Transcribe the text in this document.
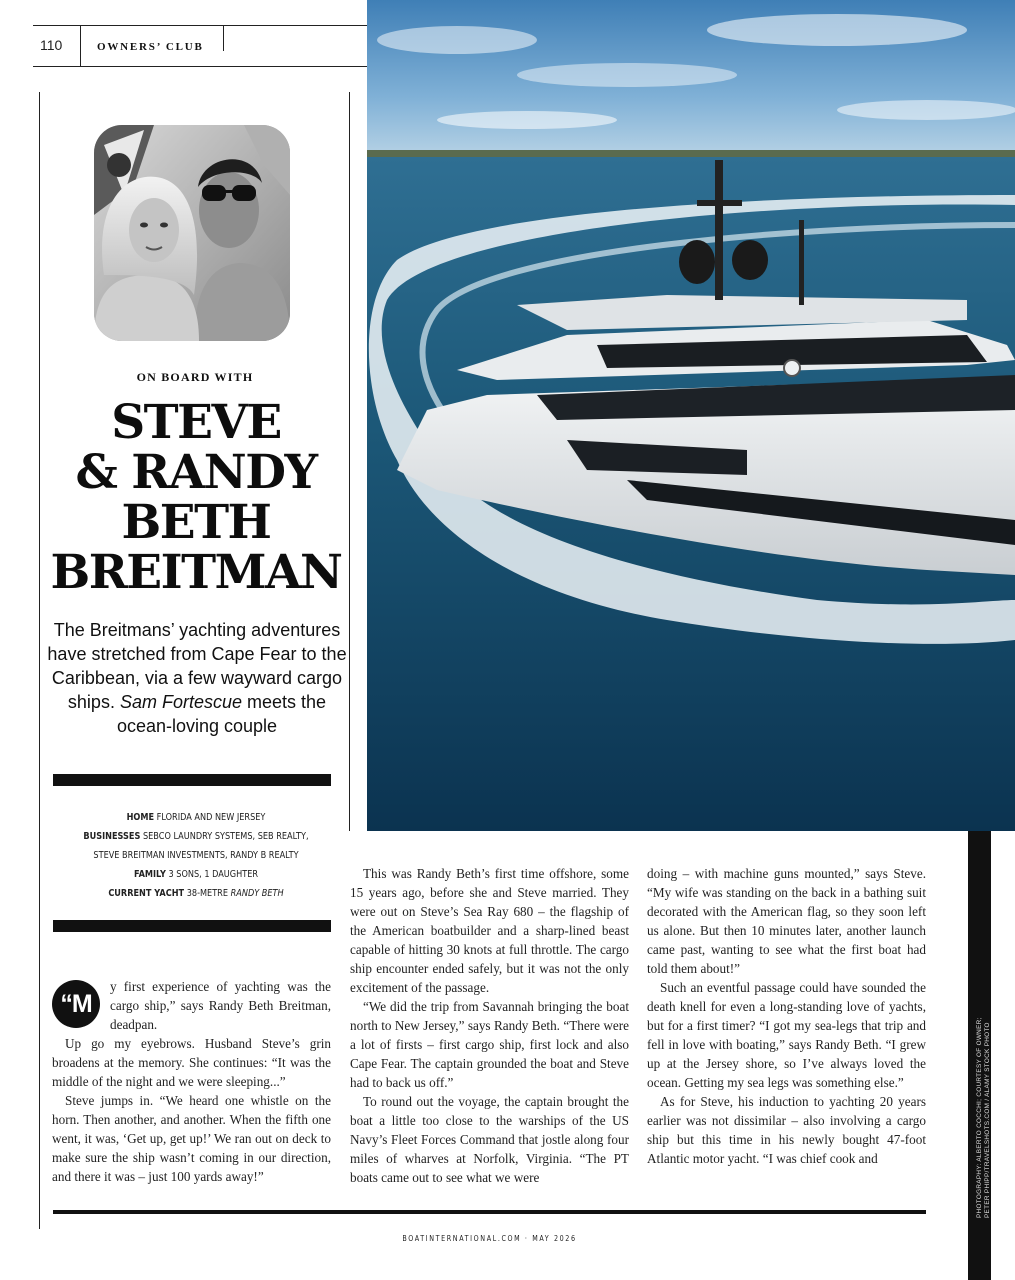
110	OWNERS’ CLUB
ON BOARD WITH
STEVE
& RANDY
BETH
BREITMAN
The Breitmans’ yachting adventures have stretched from Cape Fear to the Caribbean, via a few wayward cargo ships. Sam Fortescue meets the ocean-loving couple
HOME FLORIDA AND NEW JERSEY
BUSINESSES SEBCO LAUNDRY SYSTEMS, SEB REALTY, STEVE BREITMAN INVESTMENTS, RANDY B REALTY
FAMILY 3 SONS, 1 DAUGHTER
CURRENT YACHT 38-METRE RANDY BETH
“M

y first experience of yachting was the cargo ship,” says Randy Beth Breitman, deadpan.

Up go my eyebrows. Husband Steve’s grin broadens at the memory. She continues: “It was the middle of the night and we were sleeping...”

Steve jumps in. “We heard one whistle on the horn. Then another, and another. When the fifth one went, it was, ‘Get up, get up!’ We ran out on deck to make sure the ship wasn’t coming in our direction, and there it was – just 100 yards away!”

This was Randy Beth’s first time offshore, some 15 years ago, before she and Steve married. They were out on Steve’s Sea Ray 680 – the flagship of the American boatbuilder and a sharp-lined beast capable of hitting 30 knots at full throttle. The cargo ship encounter ended safely, but it was not the only excitement of the passage.

“We did the trip from Savannah bringing the boat north to New Jersey,” says Randy Beth. “There were a lot of firsts – first cargo ship, first lock and also Cape Fear. The captain grounded the boat and Steve had to back us off.”

To round out the voyage, the captain brought the boat a little too close to the warships of the US Navy’s Fleet Forces Command that jostle along four miles of wharves at Norfolk, Virginia. “The PT boats came out to see what we were

doing – with machine guns mounted,” says Steve. “My wife was standing on the back in a bathing suit decorated with the American flag, so they soon left us alone. But then 10 minutes later, another launch came past, wanting to see what the first boat had told them about!”

Such an eventful passage could have sounded the death knell for even a long-standing love of yachts, but for a first timer? “I got my sea-legs that trip and fell in love with boating,” says Randy Beth. “I grew up at the Jersey shore, so I’ve always loved the ocean. Getting my sea legs was something else.”

As for Steve, his induction to yachting 20 years earlier was not dissimilar – also involving a cargo ship but this time in his newly bought 47-foot Atlantic motor yacht. “I was chief cook and	PHOTOGRAPHY: ALBERTO COCCHI; COURTESY OF OWNER; PETER PHIPP/TRAVELSHOTS.COM / ALAMY STOCK PHOTO
BOATINTERNATIONAL.COM · MAY 2026
